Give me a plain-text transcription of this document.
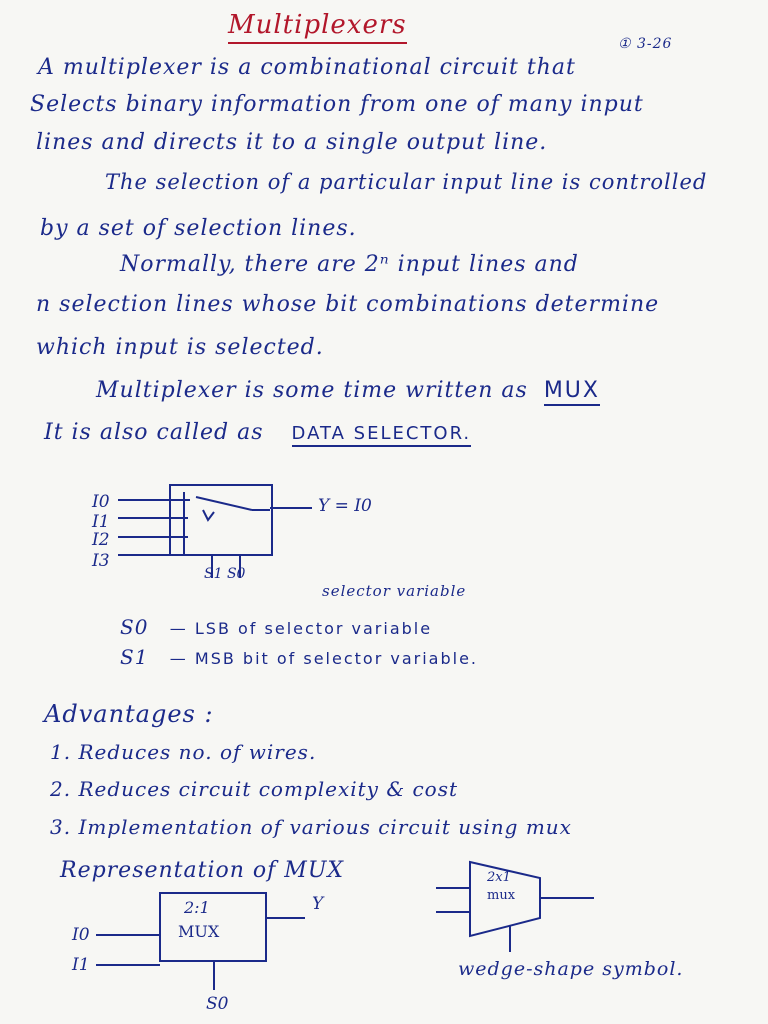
Multiplexers
① 3-26
A multiplexer is a combinational circuit that
Selects binary information from one of many input
lines and directs it to a single output line.
The selection of a particular input line is controlled
by a set of selection lines.
Normally, there are 2ⁿ input lines and
n selection lines whose bit combinations determine
which input is selected.
Multiplexer is some time written as MUX
It is also called as DATA SELECTOR.
I0
I1
I2
I3
Y = I0
S1 S0
S0 — LSB of selector variable
selector variable
S1 — MSB bit of selector variable.
Advantages :
1. Reduces no. of wires.
2. Reduces circuit complexity & cost
3. Implementation of various circuit using mux
Representation of MUX
2:1
MUX
I0
I1
Y
S0
2x1
mux
wedge-shape symbol.
